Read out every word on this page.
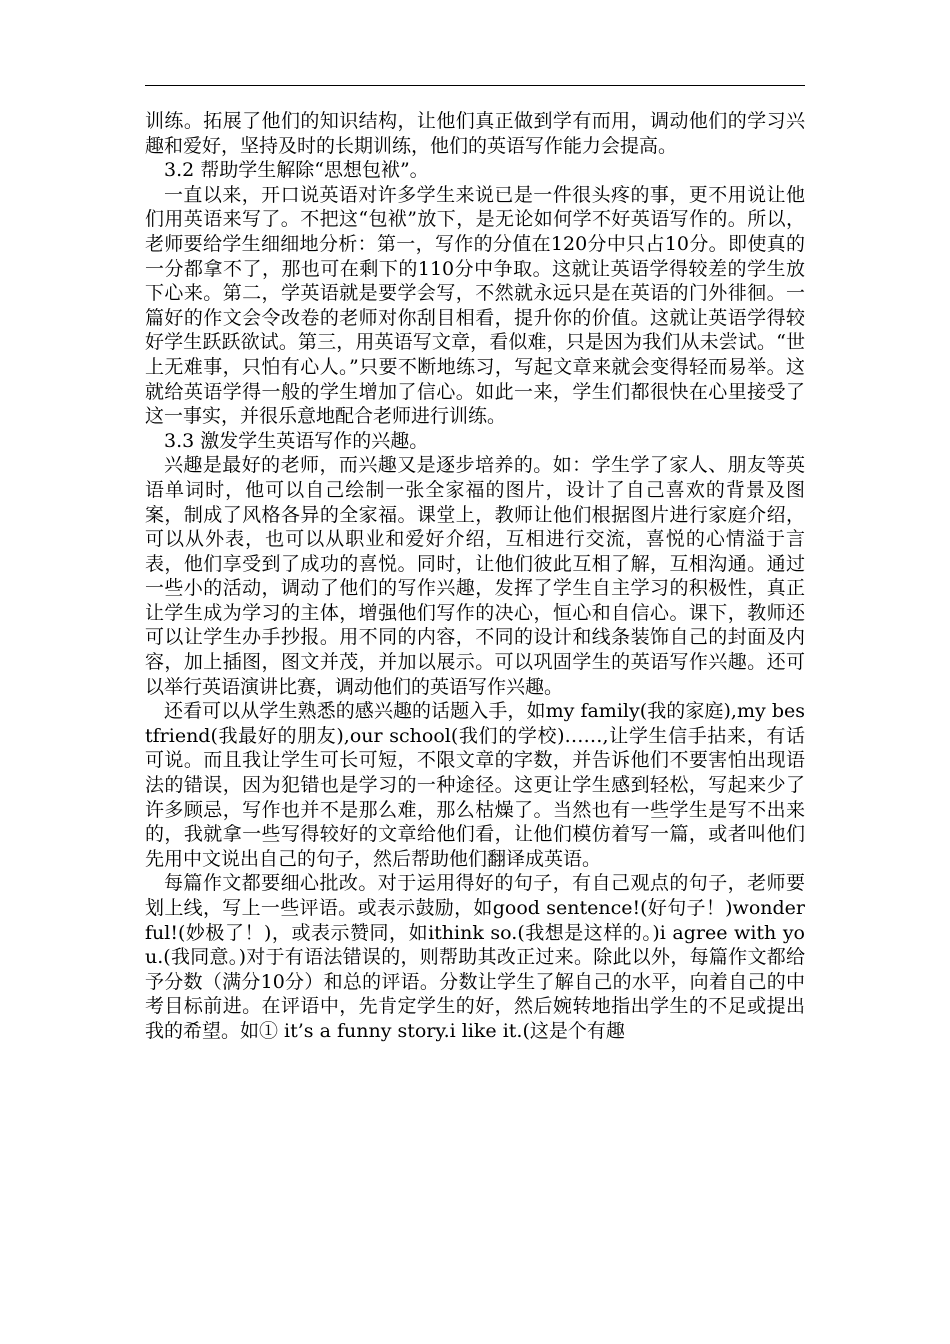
训练。拓展了他们的知识结构，让他们真正做到学有而用，调动他们的学习兴趣和爱好，坚持及时的长期训练，他们的英语写作能力会提高。

3.2 帮助学生解除“思想包袱”。

一直以来，开口说英语对许多学生来说已是一件很头疼的事，更不用说让他们用英语来写了。不把这“包袱”放下，是无论如何学不好英语写作的。所以，老师要给学生细细地分析：第一，写作的分值在120分中只占10分。即使真的一分都拿不了，那也可在剩下的110分中争取。这就让英语学得较差的学生放下心来。第二，学英语就是要学会写，不然就永远只是在英语的门外徘徊。一篇好的作文会令改卷的老师对你刮目相看，提升你的价值。这就让英语学得较好学生跃跃欲试。第三，用英语写文章，看似难，只是因为我们从未尝试。“世上无难事，只怕有心人。”只要不断地练习，写起文章来就会变得轻而易举。这就给英语学得一般的学生增加了信心。如此一来，学生们都很快在心里接受了这一事实，并很乐意地配合老师进行训练。

3.3 激发学生英语写作的兴趣。

兴趣是最好的老师，而兴趣又是逐步培养的。如：学生学了家人、朋友等英语单词时，他可以自己绘制一张全家福的图片，设计了自己喜欢的背景及图案，制成了风格各异的全家福。课堂上，教师让他们根据图片进行家庭介绍，可以从外表，也可以从职业和爱好介绍，互相进行交流，喜悦的心情溢于言表，他们享受到了成功的喜悦。同时，让他们彼此互相了解，互相沟通。通过一些小的活动，调动了他们的写作兴趣，发挥了学生自主学习的积极性，真正让学生成为学习的主体，增强他们写作的决心，恒心和自信心。课下，教师还可以让学生办手抄报。用不同的内容，不同的设计和线条装饰自己的封面及内容，加上插图，图文并茂，并加以展示。可以巩固学生的英语写作兴趣。还可以举行英语演讲比赛，调动他们的英语写作兴趣。

还看可以从学生熟悉的感兴趣的话题入手，如my family(我的家庭),my bestfriend(我最好的朋友),our school(我们的学校)……,让学生信手拈来，有话可说。而且我让学生可长可短，不限文章的字数，并告诉他们不要害怕出现语法的错误，因为犯错也是学习的一种途径。这更让学生感到轻松，写起来少了许多顾忌，写作也并不是那么难，那么枯燥了。当然也有一些学生是写不出来的，我就拿一些写得较好的文章给他们看，让他们模仿着写一篇，或者叫他们先用中文说出自己的句子，然后帮助他们翻译成英语。

每篇作文都要细心批改。对于运用得好的句子，有自己观点的句子，老师要划上线，写上一些评语。或表示鼓励，如good sentence!(好句子！)wonder ful!(妙极了！)，或表示赞同，如ithink so.(我想是这样的。)i agree with you.(我同意。)对于有语法错误的，则帮助其改正过来。除此以外，每篇作文都给予分数（满分10分）和总的评语。分数让学生了解自己的水平，向着自己的中考目标前进。在评语中，先肯定学生的好，然后婉转地指出学生的不足或提出我的希望。如① it’s a funny story.i like it.(这是个有趣
